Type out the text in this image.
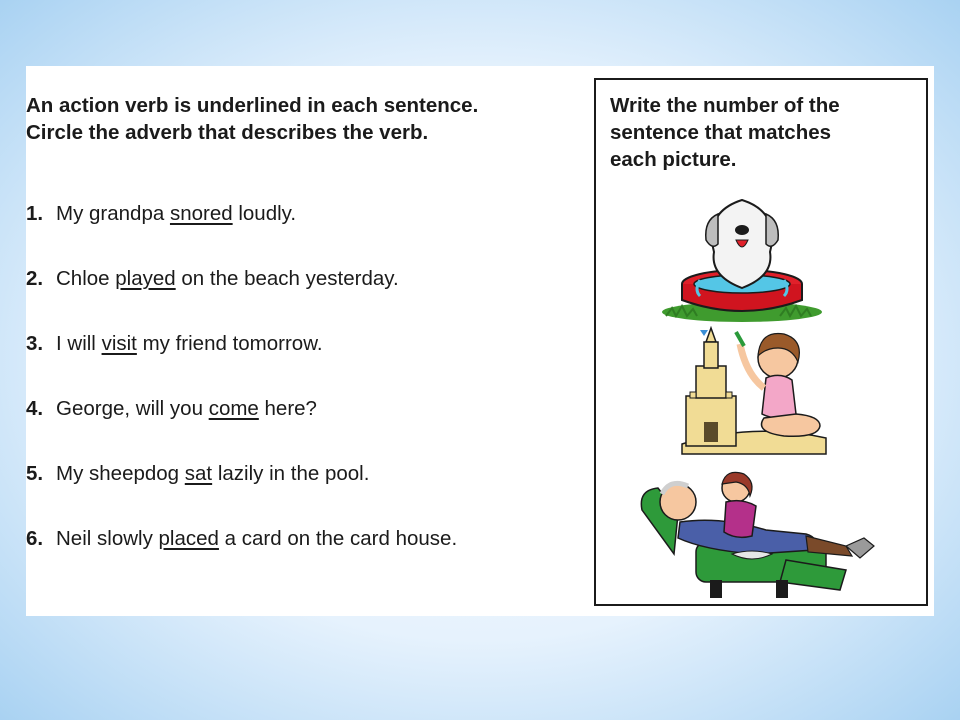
An action verb is underlined in each sentence.
Circle the adverb that describes the verb.
1. My grandpa snored loudly.
2. Chloe played on the beach yesterday.
3. I will visit my friend tomorrow.
4. George, will you come here?
5. My sheepdog sat lazily in the pool.
6. Neil slowly placed a card on the card house.
Write the number of the
sentence that matches
each picture.
